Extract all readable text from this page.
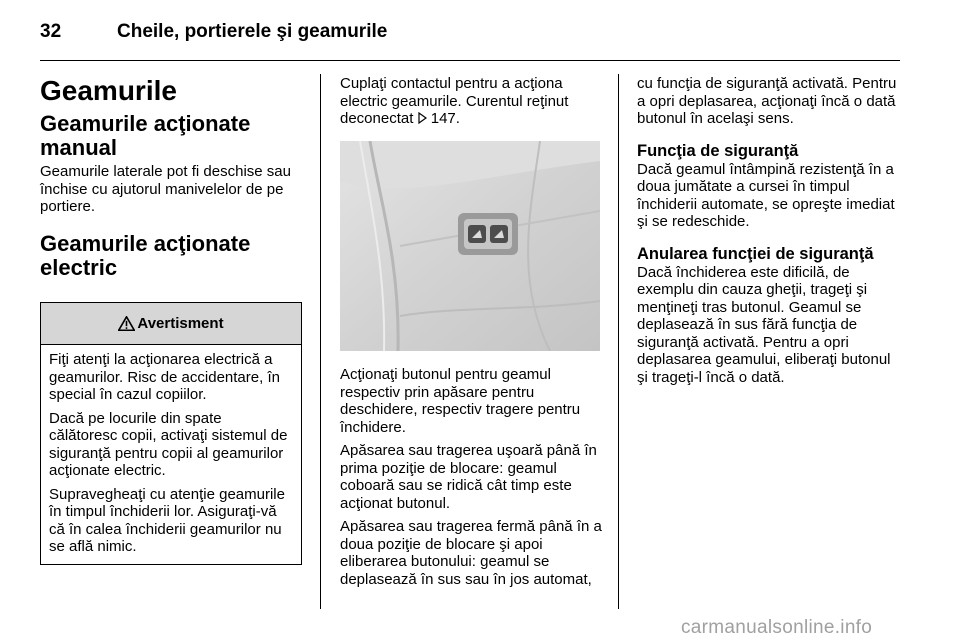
32	Cheile, portierele şi geamurile
Geamurile
Geamurile acţionate manual

Geamurile laterale pot fi deschise sau închise cu ajutorul manivelelor de pe portiere.

Geamurile acţionate electric
Avertisment

Fiţi atenţi la acţionarea electrică a geamurilor. Risc de accidentare, în special în cazul copiilor.

Dacă pe locurile din spate călătoresc copii, activaţi sistemul de siguranţă pentru copii al geamurilor acţionate electric.

Supravegheaţi cu atenţie geamurile în timpul închiderii lor. Asiguraţi-vă că în calea închiderii geamurilor nu se află nimic.

Cuplaţi contactul pentru a acţiona electric geamurile. Curentul reţinut deconectat 147.

Acţionaţi butonul pentru geamul respectiv prin apăsare pentru deschidere, respectiv tragere pentru închidere.

Apăsarea sau tragerea uşoară până în prima poziţie de blocare: geamul coboară sau se ridică cât timp este acţionat butonul.

Apăsarea sau tragerea fermă până în a doua poziţie de blocare şi apoi eliberarea butonului: geamul se deplasează în sus sau în jos automat,

cu funcţia de siguranţă activată. Pentru a opri deplasarea, acţionaţi încă o dată butonul în acelaşi sens.

Funcţia de siguranţă

Dacă geamul întâmpină rezistenţă în a doua jumătate a cursei în timpul închiderii automate, se opreşte imediat şi se redeschide.

Anularea funcţiei de siguranţă

Dacă închiderea este dificilă, de exemplu din cauza gheţii, trageţi şi menţineţi tras butonul. Geamul se deplasează în sus fără funcţia de siguranţă activată. Pentru a opri deplasarea geamului, eliberaţi butonul şi trageţi-l încă o dată.

carmanualsonline.info
